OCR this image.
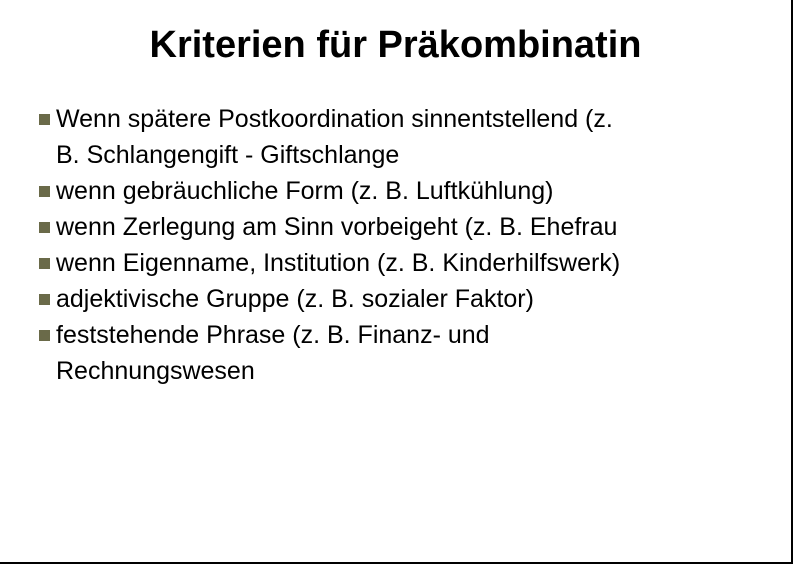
Kriterien für Präkombinatin
Wenn spätere Postkoordination sinnentstellend (z.
B. Schlangengift - Giftschlange
wenn gebräuchliche Form (z. B. Luftkühlung)
wenn Zerlegung am Sinn vorbeigeht (z. B. Ehefrau
wenn Eigenname, Institution (z. B. Kinderhilfswerk)
adjektivische Gruppe (z. B. sozialer Faktor)
feststehende Phrase (z. B. Finanz- und
Rechnungswesen
